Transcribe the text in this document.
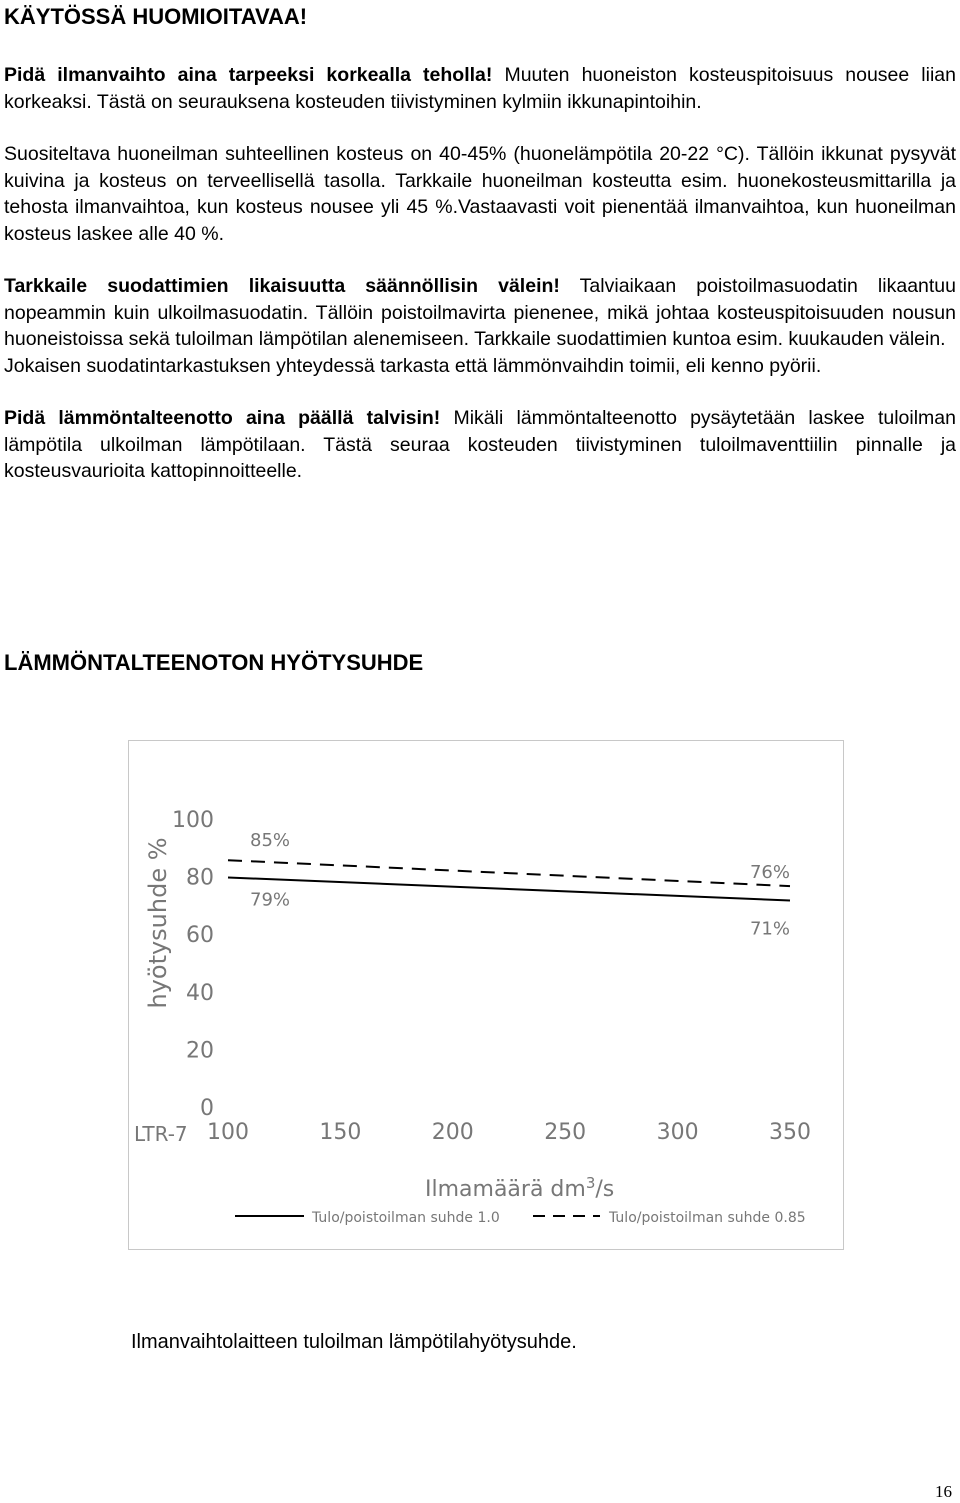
KÄYTÖSSÄ HUOMIOITAVAA!

Pidä ilmanvaihto aina tarpeeksi korkealla teholla! Muuten huoneiston kosteuspitoisuus nousee liian korkeaksi. Tästä on seurauksena kosteuden tiivistyminen kylmiin ikkunapintoihin.

Suositeltava huoneilman suhteellinen kosteus on 40-45% (huonelämpötila 20-22 °C). Tällöin ikkunat pysyvät kuivina ja kosteus on terveellisellä tasolla. Tarkkaile huoneilman kosteutta esim. huonekosteusmittarilla ja tehosta ilmanvaihtoa, kun kosteus nousee yli 45 %.Vastaavasti voit pienentää ilmanvaihtoa, kun huoneilman kosteus laskee alle 40 %.

Tarkkaile suodattimien likaisuutta säännöllisin välein! Talviaikaan poistoilmasuodatin likaantuu nopeammin kuin ulkoilmasuodatin. Tällöin poistoilmavirta pienenee, mikä johtaa kosteuspitoisuuden nousun huoneistoissa sekä tuloilman lämpötilan alenemiseen. Tarkkaile suodattimien kuntoa esim. kuukauden välein.

Jokaisen suodatintarkastuksen yhteydessä tarkasta että lämmönvaihdin toimii, eli kenno pyörii.

Pidä lämmöntalteenotto aina päällä talvisin! Mikäli lämmöntalteenotto pysäytetään laskee tuloilman lämpötila ulkoilman lämpötilaan. Tästä seuraa kosteuden tiivistyminen tuloilmaventtiilin pinnalle ja kosteusvaurioita kattopinnoitteelle.

LÄMMÖNTALTEENOTON HYÖTYSUHDE
100
80
60
40
20
0
100	150	200	250	300	350
hyötysuhde %
LTR-7
Ilmamäärä $dm^3/s$
79%
71%
85%
76%
Tulo/poistoilman suhde 1.0	Tulo/poistoilman suhde 0.85

Ilmanvaihtolaitteen tuloilman lämpötilahyötysuhde.

16
